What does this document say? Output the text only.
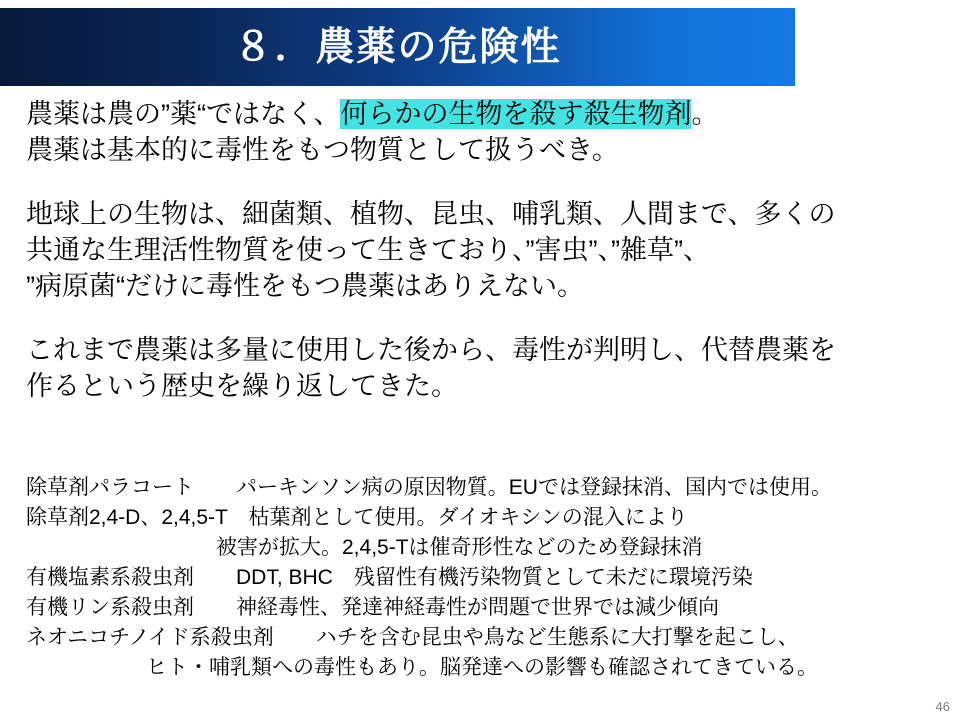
８．農薬の危険性
農薬は農の”薬“ではなく、何らかの生物を殺す殺生物剤。
農薬は基本的に毒性をもつ物質として扱うべき。
地球上の生物は、細菌類、植物、昆虫、哺乳類、人間まで、多くの
共通な生理活性物質を使って生きており、”害虫”、”雑草”、
”病原菌“だけに毒性をもつ農薬はありえない。
これまで農薬は多量に使用した後から、毒性が判明し、代替農薬を
作るという歴史を繰り返してきた。
除草剤パラコート　　パーキンソン病の原因物質。EUでは登録抹消、国内では使用。
除草剤2,4-D、2,4,5-T　枯葉剤として使用。ダイオキシンの混入により
被害が拡大。2,4,5-Tは催奇形性などのため登録抹消
有機塩素系殺虫剤　　DDT, BHC　残留性有機汚染物質として未だに環境汚染
有機リン系殺虫剤　　神経毒性、発達神経毒性が問題で世界では減少傾向
ネオニコチノイド系殺虫剤　　ハチを含む昆虫や鳥など生態系に大打撃を起こし、
ヒト・哺乳類への毒性もあり。脳発達への影響も確認されてきている。
46
